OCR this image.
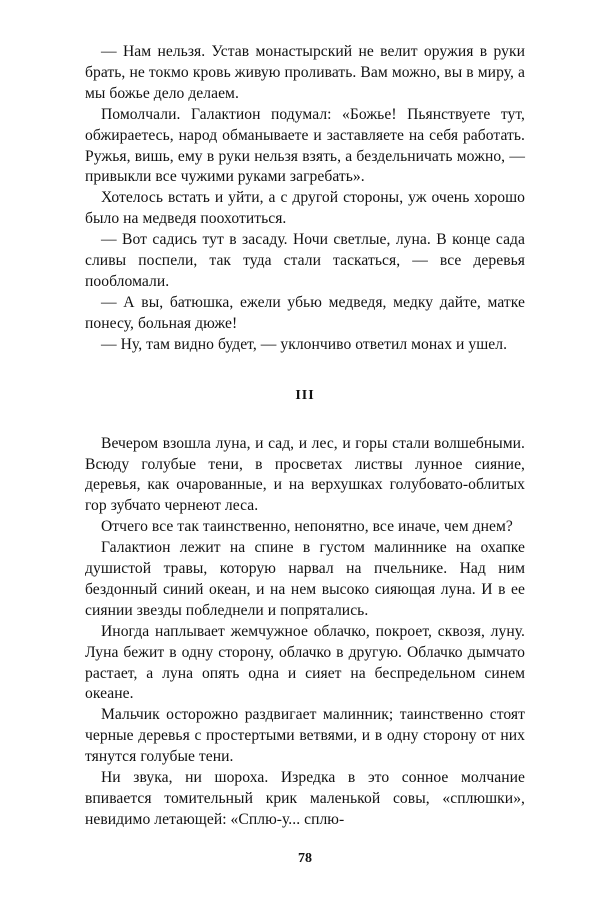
— Нам нельзя. Устав монастырский не велит оружия в руки брать, не токмо кровь живую проливать. Вам можно, вы в миру, а мы божье дело делаем.

Помолчали. Галактион подумал: «Божье! Пьянствуете тут, обжираетесь, народ обманываете и заставляете на себя работать. Ружья, вишь, ему в руки нельзя взять, а бездельничать можно, — привыкли все чужими руками загребать».

Хотелось встать и уйти, а с другой стороны, уж очень хорошо было на медведя поохотиться.

— Вот садись тут в засаду. Ночи светлые, луна. В конце сада сливы поспели, так туда стали таскаться, — все деревья пообломали.

— А вы, батюшка, ежели убью медведя, медку дайте, матке понесу, больная дюже!

— Ну, там видно будет, — уклончиво ответил монах и ушел.

III

Вечером взошла луна, и сад, и лес, и горы стали волшебными. Всюду голубые тени, в просветах листвы лунное сияние, деревья, как очарованные, и на верхушках голубовато-облитых гор зубчато чернеют леса.

Отчего все так таинственно, непонятно, все иначе, чем днем?

Галактион лежит на спине в густом малиннике на охапке душистой травы, которую нарвал на пчельнике. Над ним бездонный синий океан, и на нем высоко сияющая луна. И в ее сиянии звезды побледнели и попрятались.

Иногда наплывает жемчужное облачко, покроет, сквозя, луну. Луна бежит в одну сторону, облачко в другую. Облачко дымчато растает, а луна опять одна и сияет на беспредельном синем океане.

Мальчик осторожно раздвигает малинник; таинственно стоят черные деревья с простертыми ветвями, и в одну сторону от них тянутся голубые тени.

Ни звука, ни шороха. Изредка в это сонное молчание впивается томительный крик маленькой совы, «сплюшки», невидимо летающей: «Сплю-у... сплю-

78
